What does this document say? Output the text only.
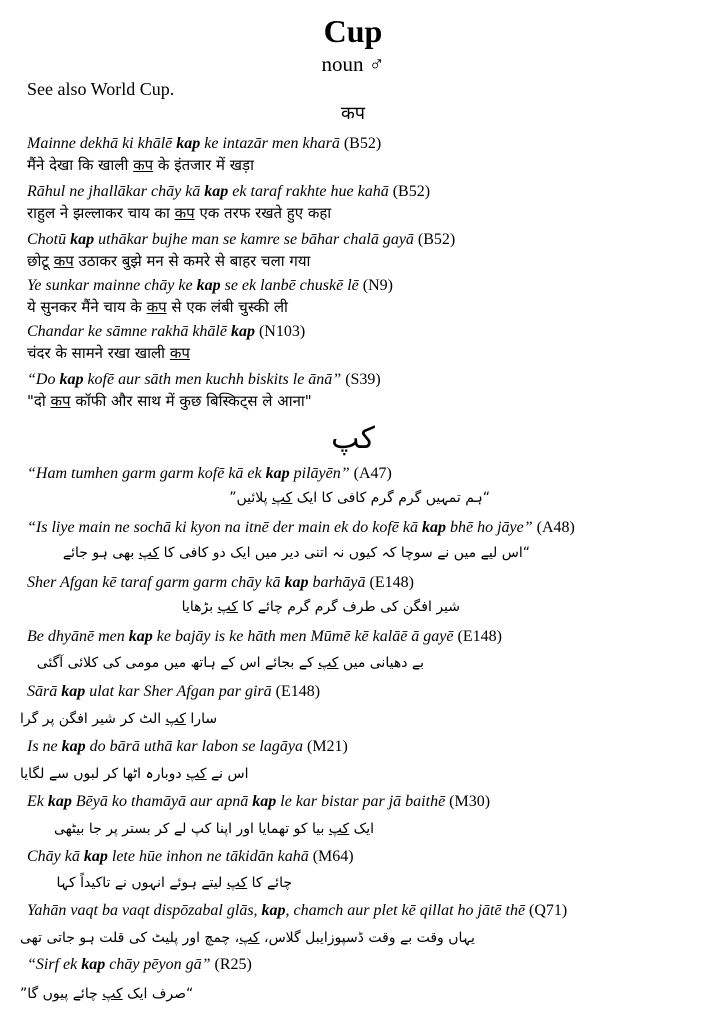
Cup
noun ♂
See also World Cup.
कप
Mainne dekhā ki khālē kap ke intazār men kharā (B52)
मैंने देखा कि खाली कप के इंतजार में खड़ा
Rāhul ne jhallākar chāy kā kap ek taraf rakhte hue kahā (B52)
राहुल ने झल्लाकर चाय का कप एक तरफ रखते हुए कहा
Chotū kap uthākar bujhe man se kamre se bāhar chalā gayā (B52)
छोटू कप उठाकर बुझे मन से कमरे से बाहर चला गया
Ye sunkar mainne chāy ke kap se ek lanbē chuskē lē (N9)
ये सुनकर मैंने चाय के कप से एक लंबी चुस्की ली
Chandar ke sāmne rakhā khālē kap (N103)
चंदर के सामने रखा खाली कप
“Do kap kofē aur sāth men kuchh biskits le ānā” (S39)
"दो कप कॉफी और साथ में कुछ बिस्किट्स ले आना"
کپ
“Ham tumhen garm garm kofē kā ek kap pilāyēn” (A47)
“ہم تمہیں گرم گرم کافی کا ایک کپ پلائیں”
“Is liye main ne sochā ki kyon na itnē der main ek do kofē kā kap bhē ho jāye” (A48)
“اس لیے میں نے سوچا کہ کیوں نہ اتنی دیر میں ایک دو کافی کا کپ بھی ہو جائے
Sher Afgan kē taraf garm garm chāy kā kap barhāyā (E148)
شیر افگن کی طرف گرم گرم چائے کا کپ بڑھایا
Be dhyānē men kap ke bajāy is ke hāth men Mūmē kē kalāē ā gayē (E148)
بے دھیانی میں کپ کے بجائے اس کے ہاتھ میں مومی کی کلائی آگئی
Sārā kap ulat kar Sher Afgan par girā (E148)
سارا کپ الٹ کر شیر افگن پر گرا
Is ne kap do bārā uthā kar labon se lagāya (M21)
اس نے کپ دوبارہ اٹھا کر لبوں سے لگایا
Ek kap Bēyā ko thamāyā aur apnā kap le kar bistar par jā baithē (M30)
ایک کپ بیا کو تھمایا اور اپنا کپ لے کر بستر پر جا بیٹھی
Chāy kā kap lete hūe inhon ne tākidān kahā (M64)
چائے کا کپ لیتے ہوئے انہوں نے تاکیداً کہا
Yahān vaqt ba vaqt dispōzabal glās, kap, chamch aur plet kē qillat ho jātē thē (Q71)
یہاں وقت بے وقت ڈسپوزایبل گلاس، کپ، چمچ اور پلیٹ کی قلت ہو جاتی تھی
“Sirf ek kap chāy pēyon gā” (R25)
“صرف ایک کپ چائے پیوں گا”
